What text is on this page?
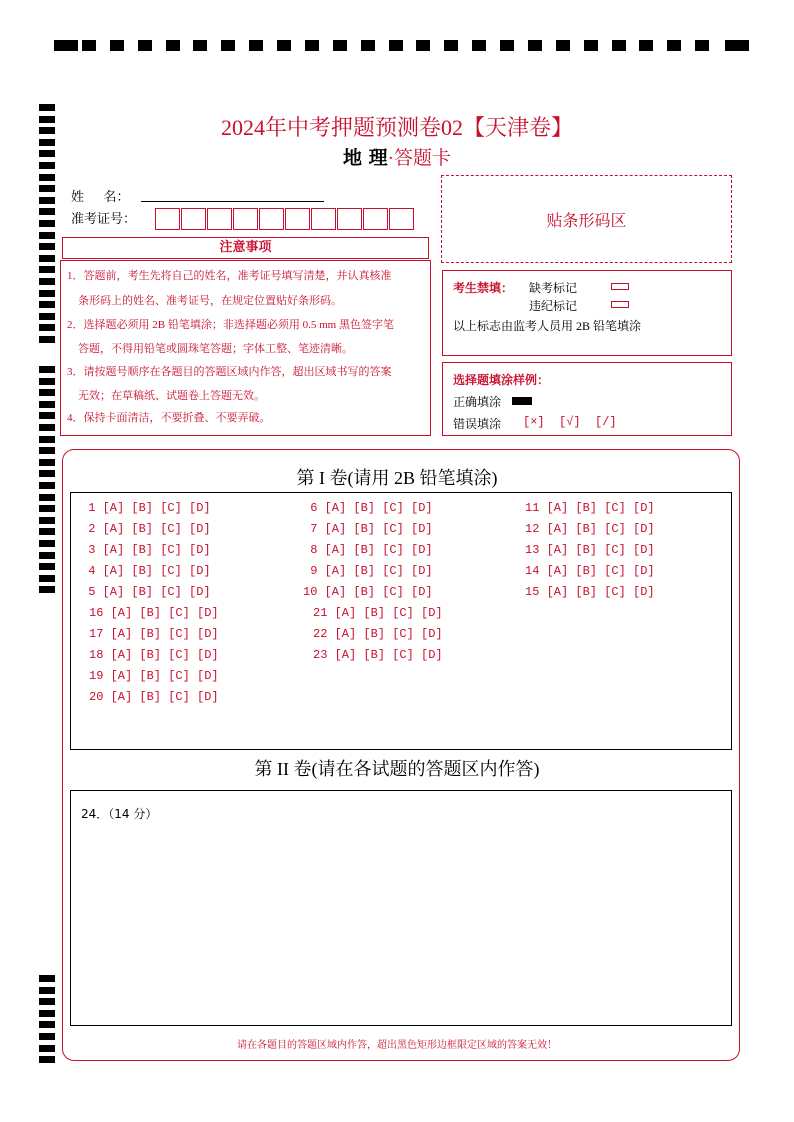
2024年中考押题预测卷02【天津卷】
地 理·答题卡
姓      名：
准考证号：	贴条形码区
注意事项
1．答题前，考生先将自己的姓名，准考证号填写清楚，并认真核准
条形码上的姓名、准考证号，在规定位置贴好条形码。
2．选择题必须用 2B 铅笔填涂；非选择题必须用 0.5 mm 黑色签字笔
答题，不得用铅笔或圆珠笔答题；字体工整、笔迹清晰。
3．请按题号顺序在各题目的答题区域内作答，超出区域书写的答案
无效；在草稿纸、试题卷上答题无效。
4．保持卡面清洁，不要折叠、不要弄破。
考生禁填： 缺考标记
违纪标记
以上标志由监考人员用 2B 铅笔填涂
选择题填涂样例：
正确填涂
错误填涂 [×]  [√]  [/]
第 I 卷(请用 2B 铅笔填涂)
1 [A] [B] [C] [D]
2 [A] [B] [C] [D]
3 [A] [B] [C] [D]
4 [A] [B] [C] [D]
5 [A] [B] [C] [D]
16 [A] [B] [C] [D]
17 [A] [B] [C] [D]
18 [A] [B] [C] [D]
19 [A] [B] [C] [D]
20 [A] [B] [C] [D]
6 [A] [B] [C] [D]
7 [A] [B] [C] [D]
8 [A] [B] [C] [D]
9 [A] [B] [C] [D]
10 [A] [B] [C] [D]
21 [A] [B] [C] [D]
22 [A] [B] [C] [D]
23 [A] [B] [C] [D]
11 [A] [B] [C] [D]
12 [A] [B] [C] [D]
13 [A] [B] [C] [D]
14 [A] [B] [C] [D]
15 [A] [B] [C] [D]
第 II 卷(请在各试题的答题区内作答)
24．（14 分）
请在各题目的答题区域内作答，超出黑色矩形边框限定区域的答案无效！
